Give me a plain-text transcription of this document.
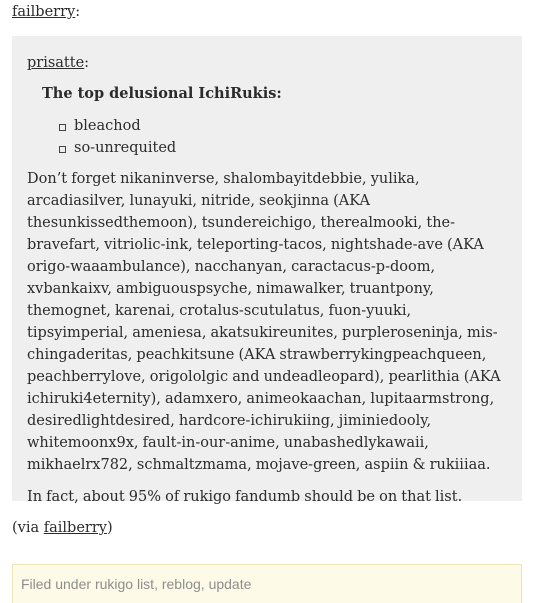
failberry:
prisatte:
The top delusional IchiRukis:
bleachod
so-unrequited

Don’t forget nikaninverse, shalombayitdebbie, yulika, arcadiasilver, lunayuki, nitride, seokjinna (AKA thesunkissedthemoon), tsundereichigo, therealmooki, the-bravefart, vitriolic-ink, teleporting-tacos, nightshade-ave (AKA origo-waaambulance), nacchanyan, caractacus-p-doom, xvbankaixv, ambiguouspsyche, nimawalker, truantpony, themognet, karenai, crotalus-scutulatus, fuon-yuuki, tipsyimperial, ameniesa, akatsukireunites, purpleroseninja, mis-chingaderitas, peachkitsune (AKA strawberrykingpeachqueen, peachberrylove, origololgic and undeadleopard), pearlithia (AKA ichiruki4eternity), adamxero, animeokaachan, lupitaarmstrong, desiredlightdesired, hardcore-ichirukiing, jiminiedooly, whitemoonx9x, fault-in-our-anime, unabashedlykawaii, mikhaelrx782, schmaltzmama, mojave-green, aspiin & rukiiiaa.

In fact, about 95% of rukigo fandumb should be on that list.

(via failberry)
Filed under rukigo list, reblog, update
